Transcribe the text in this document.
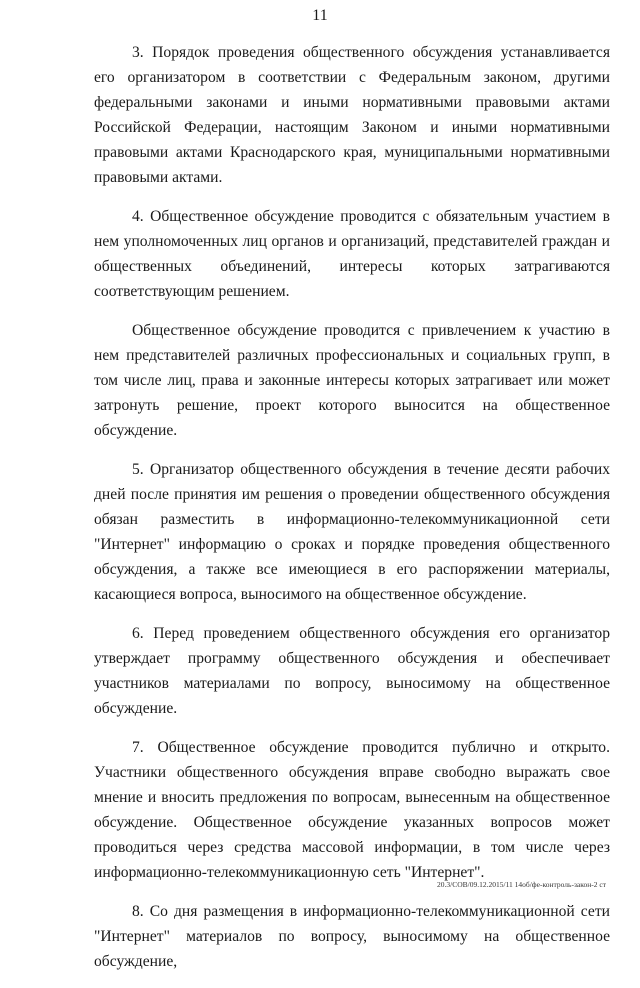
11

3. Порядок проведения общественного обсуждения устанавливается его организатором в соответствии с Федеральным законом, другими федеральными законами и иными нормативными правовыми актами Российской Федерации, настоящим Законом и иными нормативными правовыми актами Краснодарского края, муниципальными нормативными правовыми актами.

4. Общественное обсуждение проводится с обязательным участием в нем уполномоченных лиц органов и организаций, представителей граждан и общественных объединений, интересы которых затрагиваются соответствующим решением.

Общественное обсуждение проводится с привлечением к участию в нем представителей различных профессиональных и социальных групп, в том числе лиц, права и законные интересы которых затрагивает или может затронуть решение, проект которого выносится на общественное обсуждение.

5. Организатор общественного обсуждения в течение десяти рабочих дней после принятия им решения о проведении общественного обсуждения обязан разместить в информационно-телекоммуникационной сети "Интернет" информацию о сроках и порядке проведения общественного обсуждения, а также все имеющиеся в его распоряжении материалы, касающиеся вопроса, выносимого на общественное обсуждение.

6. Перед проведением общественного обсуждения его организатор утверждает программу общественного обсуждения и обеспечивает участников материалами по вопросу, выносимому на общественное обсуждение.

7. Общественное обсуждение проводится публично и открыто. Участники общественного обсуждения вправе свободно выражать свое мнение и вносить предложения по вопросам, вынесенным на общественное обсуждение. Общественное обсуждение указанных вопросов может проводиться через средства массовой информации, в том числе через информационно-телекоммуникационную сеть "Интернет".

8. Со дня размещения в информационно-телекоммуникационной сети "Интернет" материалов по вопросу, выносимому на общественное обсуждение,

20.3/СОВ/09.12.2015/11 14об/фе-контроль-закон-2 ст
